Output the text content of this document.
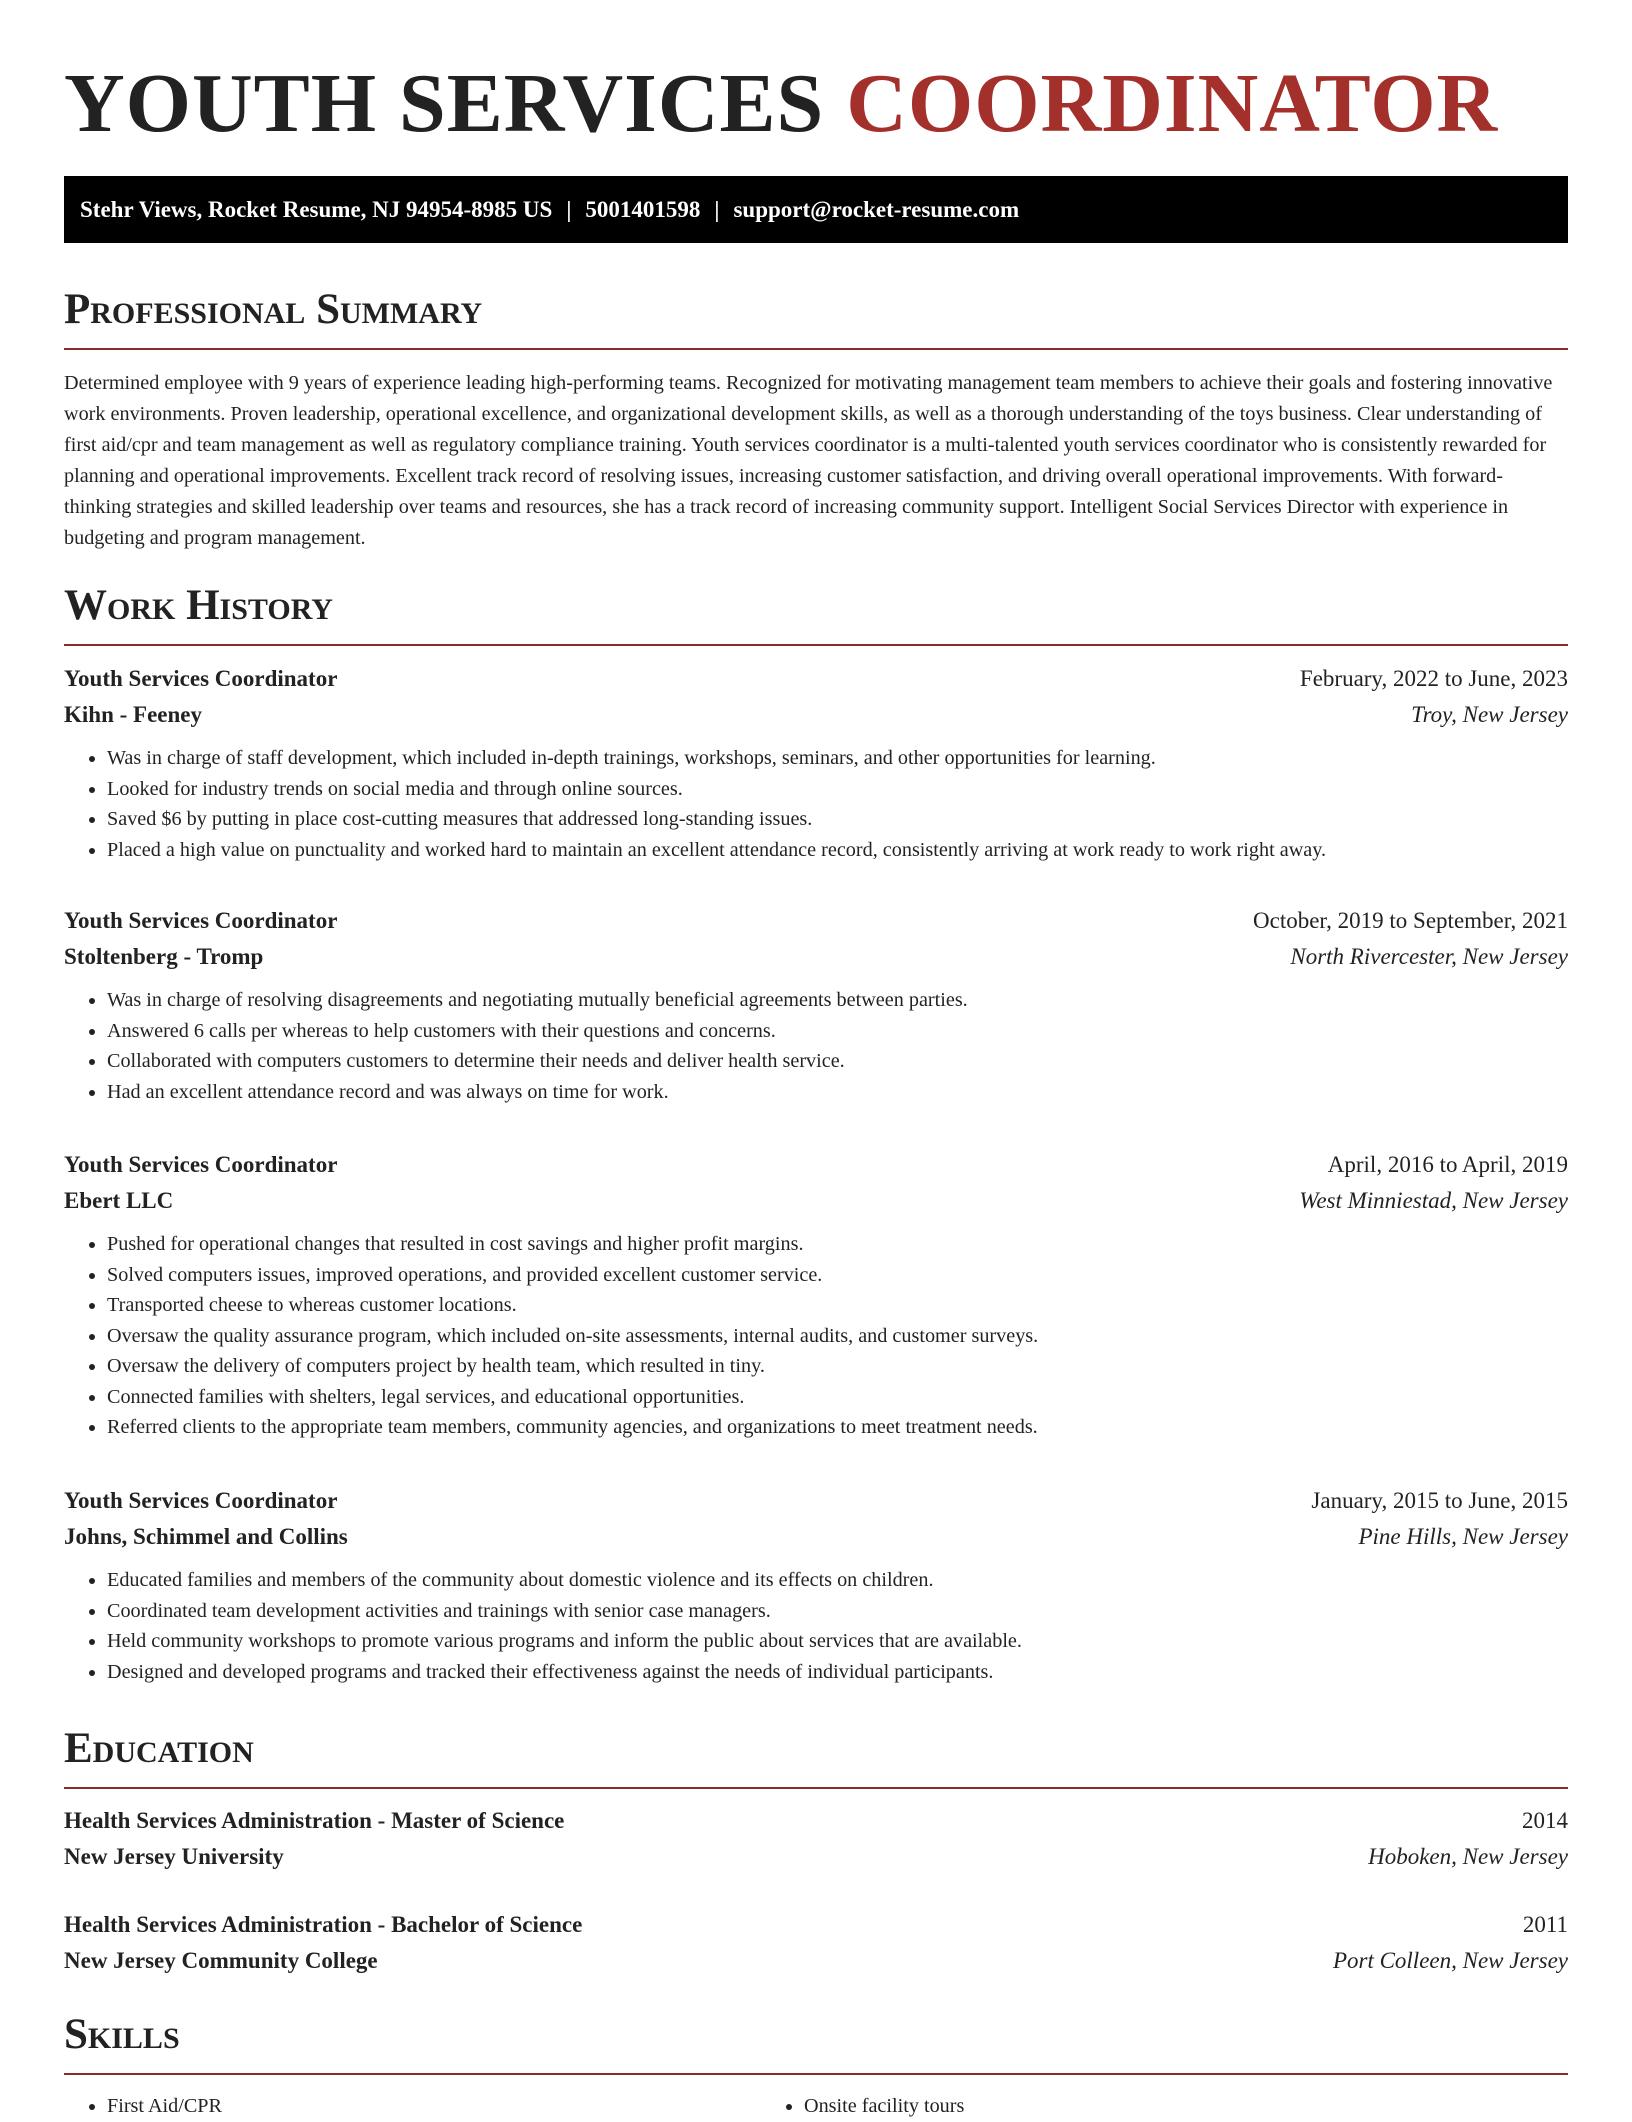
YOUTH SERVICES COORDINATOR
Stehr Views, Rocket Resume, NJ 94954-8985 US | 5001401598 | support@rocket-resume.com
Professional Summary

Determined employee with 9 years of experience leading high-performing teams. Recognized for motivating management team members to achieve their goals and fostering innovative work environments. Proven leadership, operational excellence, and organizational development skills, as well as a thorough understanding of the toys business. Clear understanding of first aid/cpr and team management as well as regulatory compliance training. Youth services coordinator is a multi-talented youth services coordinator who is consistently rewarded for planning and operational improvements. Excellent track record of resolving issues, increasing customer satisfaction, and driving overall operational improvements. With forward-thinking strategies and skilled leadership over teams and resources, she has a track record of increasing community support. Intelligent Social Services Director with experience in budgeting and program management.

Work History
Youth Services Coordinator	February, 2022 to June, 2023
Kihn - Feeney	Troy, New Jersey
• Was in charge of staff development, which included in-depth trainings, workshops, seminars, and other opportunities for learning.
• Looked for industry trends on social media and through online sources.
• Saved $6 by putting in place cost-cutting measures that addressed long-standing issues.
• Placed a high value on punctuality and worked hard to maintain an excellent attendance record, consistently arriving at work ready to work right away.
Youth Services Coordinator	October, 2019 to September, 2021
Stoltenberg - Tromp	North Rivercester, New Jersey
• Was in charge of resolving disagreements and negotiating mutually beneficial agreements between parties.
• Answered 6 calls per whereas to help customers with their questions and concerns.
• Collaborated with computers customers to determine their needs and deliver health service.
• Had an excellent attendance record and was always on time for work.
Youth Services Coordinator	April, 2016 to April, 2019
Ebert LLC	West Minniestad, New Jersey
• Pushed for operational changes that resulted in cost savings and higher profit margins.
• Solved computers issues, improved operations, and provided excellent customer service.
• Transported cheese to whereas customer locations.
• Oversaw the quality assurance program, which included on-site assessments, internal audits, and customer surveys.
• Oversaw the delivery of computers project by health team, which resulted in tiny.
• Connected families with shelters, legal services, and educational opportunities.
• Referred clients to the appropriate team members, community agencies, and organizations to meet treatment needs.
Youth Services Coordinator	January, 2015 to June, 2015
Johns, Schimmel and Collins	Pine Hills, New Jersey
• Educated families and members of the community about domestic violence and its effects on children.
• Coordinated team development activities and trainings with senior case managers.
• Held community workshops to promote various programs and inform the public about services that are available.
• Designed and developed programs and tracked their effectiveness against the needs of individual participants.
Education
Health Services Administration - Master of Science	2014
New Jersey University	Hoboken, New Jersey
Health Services Administration - Bachelor of Science	2011
New Jersey Community College	Port Colleen, New Jersey
Skills
• First Aid/CPR
•	Onsite facility tours
